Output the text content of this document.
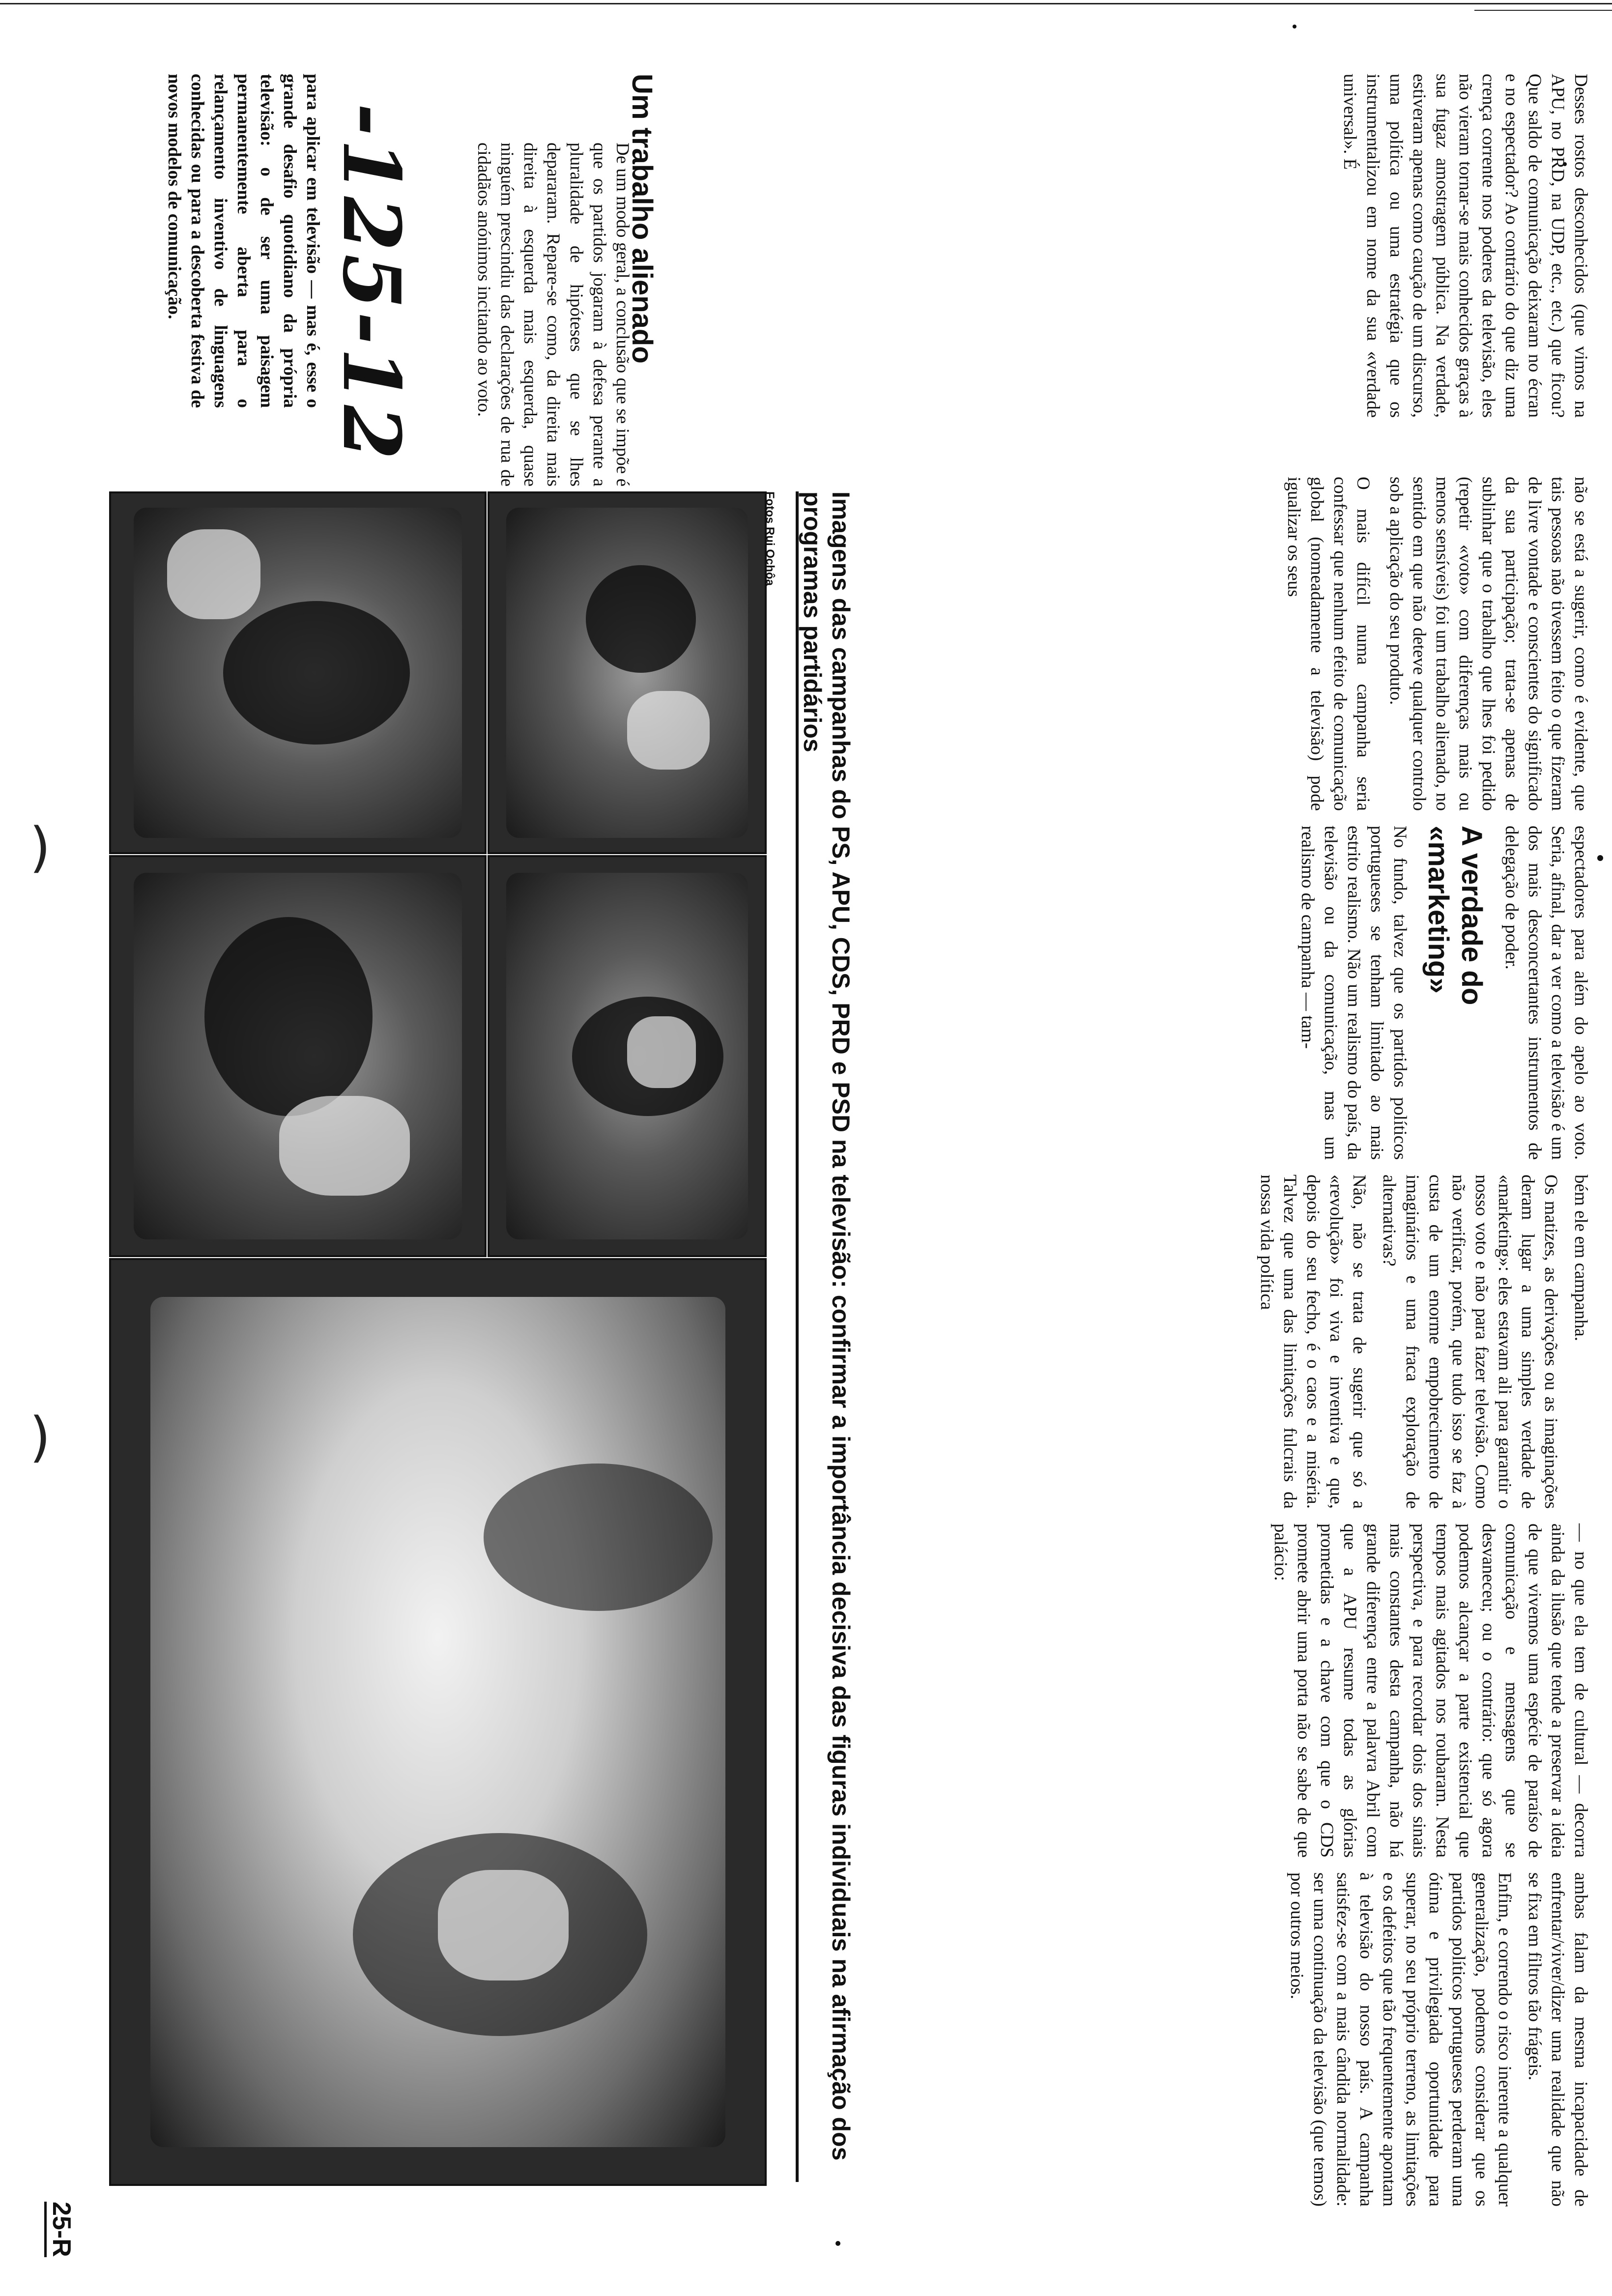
-125-12

para aplicar em televisão — mas é, esse o grande desafio quotidiano da própria televisão: o de ser uma paisagem permanentemente aberta para o relançamento inventivo de linguagens conhecidas ou para a descoberta festiva de novos modelos de comunicação.	Um trabalho alienado

De um modo geral, a conclusão que se impõe é que os partidos jogaram à defesa perante a pluralidade de hipóteses que se lhes depararam. Repare-se como, da direita mais direita à esquerda mais esquerda, quase ninguém prescindiu das declarações de rua de cidadãos anónimos incitando ao voto.

Fotos Rui Ochôa	Imagens das campanhas do PS, APU, CDS, PRD e PSD na televisão: confirmar a importância decisiva das figuras individuais na afirmação dos programas partidários

Desses rostos desconhecidos (que vimos na APU, no PRD, na UDP, etc., etc.) que ficou? Que saldo de comunicação deixaram no écran e no espectador? Ao contrário do que diz uma crença corrente nos poderes da televisão, eles não vieram tornar-se mais conhecidos graças à sua fugaz amostragem pública. Na verdade, estiveram apenas como caução de um discurso, uma política ou uma estratégia que os instrumentalizou em nome da sua «verdade universal». É

não se está a sugerir, como é evidente, que tais pessoas não tivessem feito o que fizeram de livre vontade e conscientes do significado da sua participação; trata-se apenas de sublinhar que o trabalho que lhes foi pedido (repetir «voto» com diferenças mais ou menos sensíveis) foi um trabalho alienado, no sentido em que não deteve qualquer controlo sob a aplicação do seu produto.

O mais difícil numa campanha seria confessar que nenhum efeito de comunicação global (nomeadamente a televisão) pode igualizar os seus

espectadores para além do apelo ao voto. Seria, afinal, dar a ver como a televisão é um dos mais desconcertantes instrumentos de delegação de poder.

A verdade do «marketing»

No fundo, talvez que os partidos políticos portugueses se tenham limitado ao mais estrito realismo. Não um realismo do país, da televisão ou da comunicação, mas um realismo de campanha — tam-

bém ele em campanha.

Os matizes, as derivações ou as imaginações deram lugar a uma simples verdade de «marketing»: eles estavam ali para garantir o nosso voto e não para fazer televisão. Como não verificar, porém, que tudo isso se faz à custa de um enorme empobrecimento de imaginários e uma fraca exploração de alternativas?

Não, não se trata de sugerir que só a «revolução» foi viva e inventiva e que, depois do seu fecho, é o caos e a miséria. Talvez que uma das limitações fulcrais da nossa vida política

— no que ela tem de cultural — decorra ainda da ilusão que tende a preservar a ideia de que vivemos uma espécie de paraíso de comunicação e mensagens que se desvaneceu; ou o contrário: que só agora podemos alcançar a parte existencial que tempos mais agitados nos roubaram. Nesta perspectiva, e para recordar dois dos sinais mais constantes desta campanha, não há grande diferença entre a palavra Abril com que a APU resume todas as glórias prometidas e a chave com que o CDS promete abrir uma porta não se sabe de que palácio:

ambas falam da mesma incapacidade de enfrentar/viver/dizer uma realidade que não se fixa em filtros tão frágeis.

Enfim, e correndo o risco inerente a qualquer generalização, podemos considerar que os partidos políticos portugueses perderam uma ótima e privilegiada oportunidade para superar, no seu próprio terreno, as limitações e os defeitos que tão frequentemente apontam à televisão do nosso país. A campanha satisfez-se com a mais cândida normalidade: ser uma continuação da televisão (que temos) por outros meios.

25-R
)
)
